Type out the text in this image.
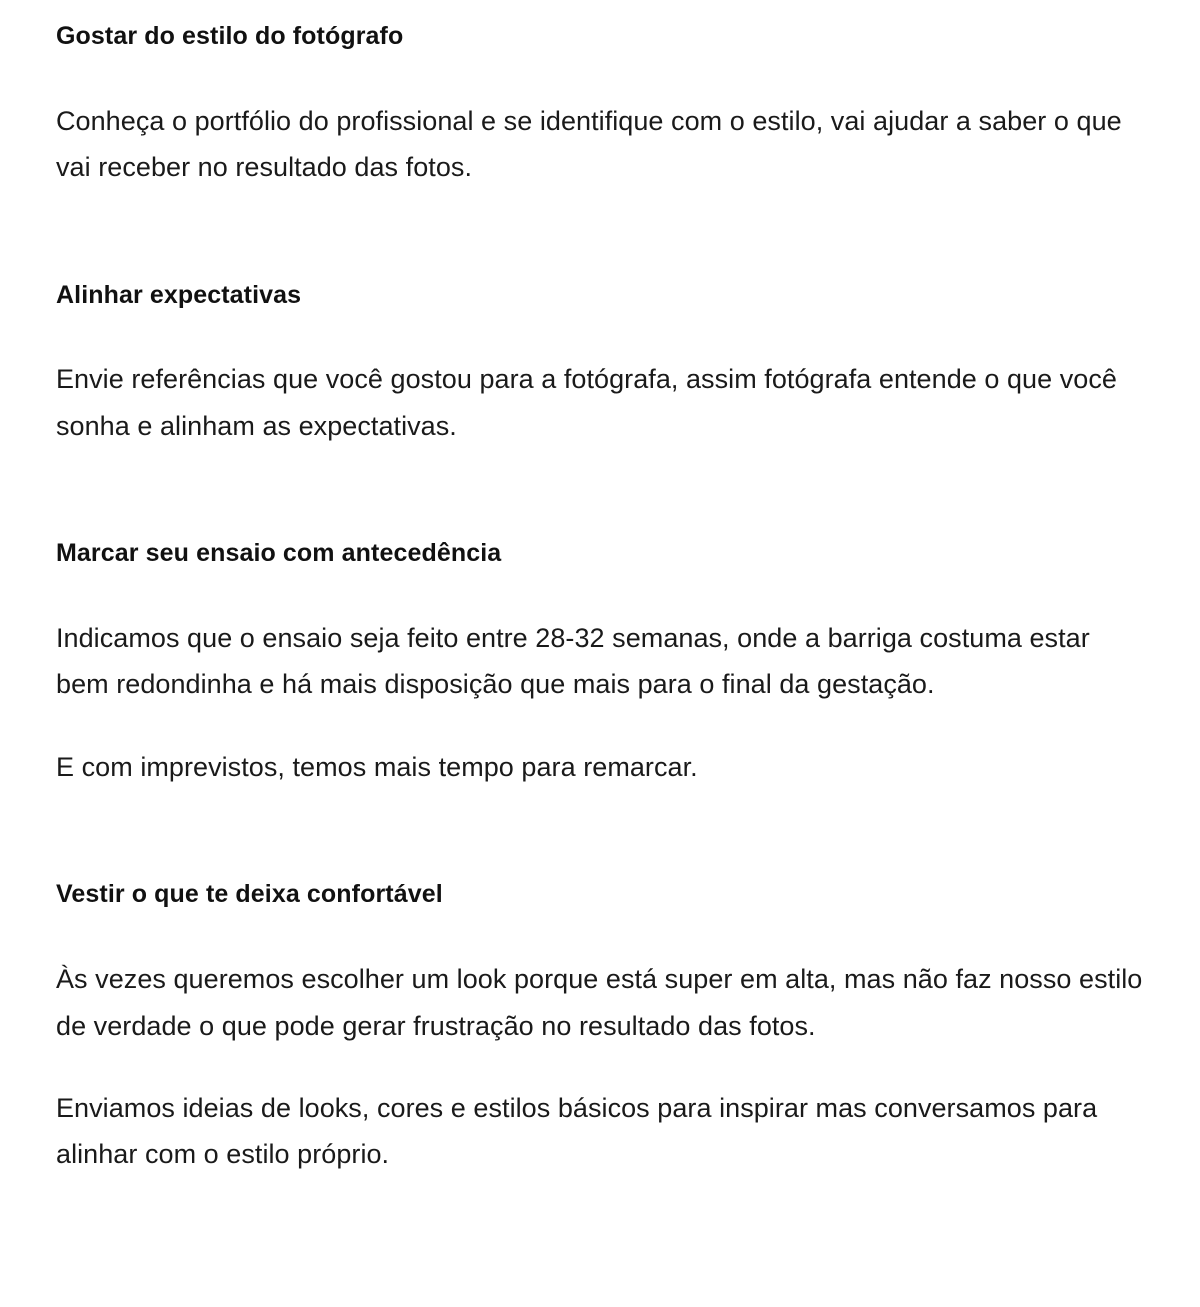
Gostar do estilo do fotógrafo

Conheça o portfólio do profissional e se identifique com o estilo, vai ajudar a saber o que vai receber no resultado das fotos.

Alinhar expectativas

Envie referências que você gostou para a fotógrafa, assim fotógrafa entende o que você sonha e alinham as expectativas.

Marcar seu ensaio com antecedência

Indicamos que o ensaio seja feito entre 28-32 semanas, onde a barriga costuma estar bem redondinha e há mais disposição que mais para o final da gestação.

E com imprevistos, temos mais tempo para remarcar.

Vestir o que te deixa confortável

Às vezes queremos escolher um look porque está super em alta, mas não faz nosso estilo de verdade o que pode gerar frustração no resultado das fotos.

Enviamos ideias de looks, cores e estilos básicos para inspirar mas conversamos para alinhar com o estilo próprio.
